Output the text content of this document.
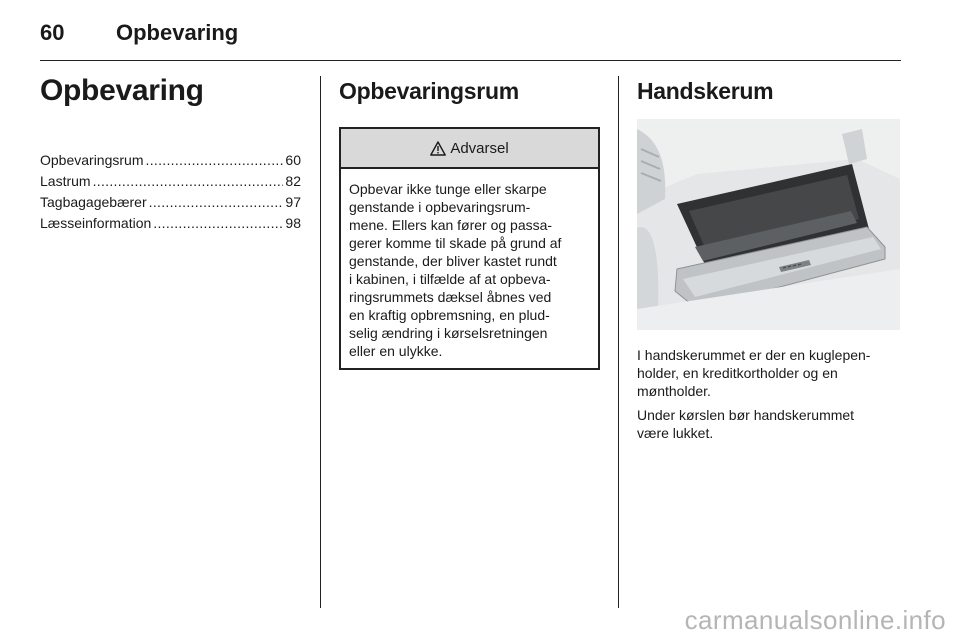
60	Opbevaring
Opbevaring
Opbevaringsrum .....	60
Lastrum .....	82
Tagbagagebærer .....	97
Læsseinformation .....	98
Opbevaringsrum
Advarsel
Opbevar ikke tunge eller skarpe
genstande i opbevaringsrum-
mene. Ellers kan fører og passa-
gerer komme til skade på grund af
genstande, der bliver kastet rundt
i kabinen, i tilfælde af at opbeva-
ringsrummets dæksel åbnes ved
en kraftig opbremsning, en plud-
selig ændring i kørselsretningen
eller en ulykke.
Handskerum

I handskerummet er der en kuglepen-
holder, en kreditkortholder og en
møntholder.

Under kørslen bør handskerummet
være lukket.

carmanualsonline.info
